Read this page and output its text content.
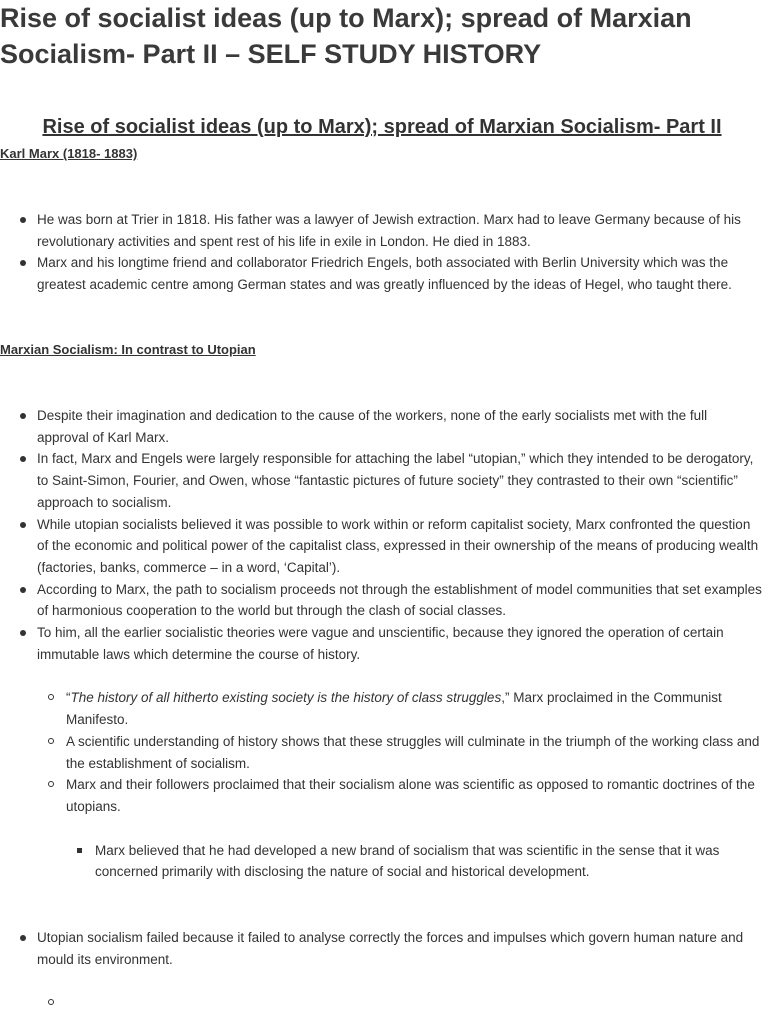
Rise of socialist ideas (up to Marx); spread of Marxian Socialism- Part II – SELF STUDY HISTORY
Rise of socialist ideas (up to Marx); spread of Marxian Socialism- Part II
Karl Marx (1818- 1883)
He was born at Trier in 1818. His father was a lawyer of Jewish extraction. Marx had to leave Germany because of his revolutionary activities and spent rest of his life in exile in London. He died in 1883.
Marx and his longtime friend and collaborator Friedrich Engels, both associated with Berlin University which was the greatest academic centre among German states and was greatly influenced by the ideas of Hegel, who taught there.
Marxian Socialism: In contrast to Utopian
Despite their imagination and dedication to the cause of the workers, none of the early socialists met with the full approval of Karl Marx.
In fact, Marx and Engels were largely responsible for attaching the label “utopian,” which they intended to be derogatory, to Saint-Simon, Fourier, and Owen, whose “fantastic pictures of future society” they contrasted to their own “scientific” approach to socialism.
While utopian socialists believed it was possible to work within or reform capitalist society, Marx confronted the question of the economic and political power of the capitalist class, expressed in their ownership of the means of producing wealth (factories, banks, commerce – in a word, ‘Capital’).
According to Marx, the path to socialism proceeds not through the establishment of model communities that set examples of harmonious cooperation to the world but through the clash of social classes.
To him, all the earlier socialistic theories were vague and unscientific, because they ignored the operation of certain immutable laws which determine the course of history.
“The history of all hitherto existing society is the history of class struggles,” Marx proclaimed in the Communist Manifesto.
A scientific understanding of history shows that these struggles will culminate in the triumph of the working class and the establishment of socialism.
Marx and their followers proclaimed that their socialism alone was scientific as opposed to romantic doctrines of the utopians.
Marx believed that he had developed a new brand of socialism that was scientific in the sense that it was concerned primarily with disclosing the nature of social and historical development.
Utopian socialism failed because it failed to analyse correctly the forces and impulses which govern human nature and mould its environment.
